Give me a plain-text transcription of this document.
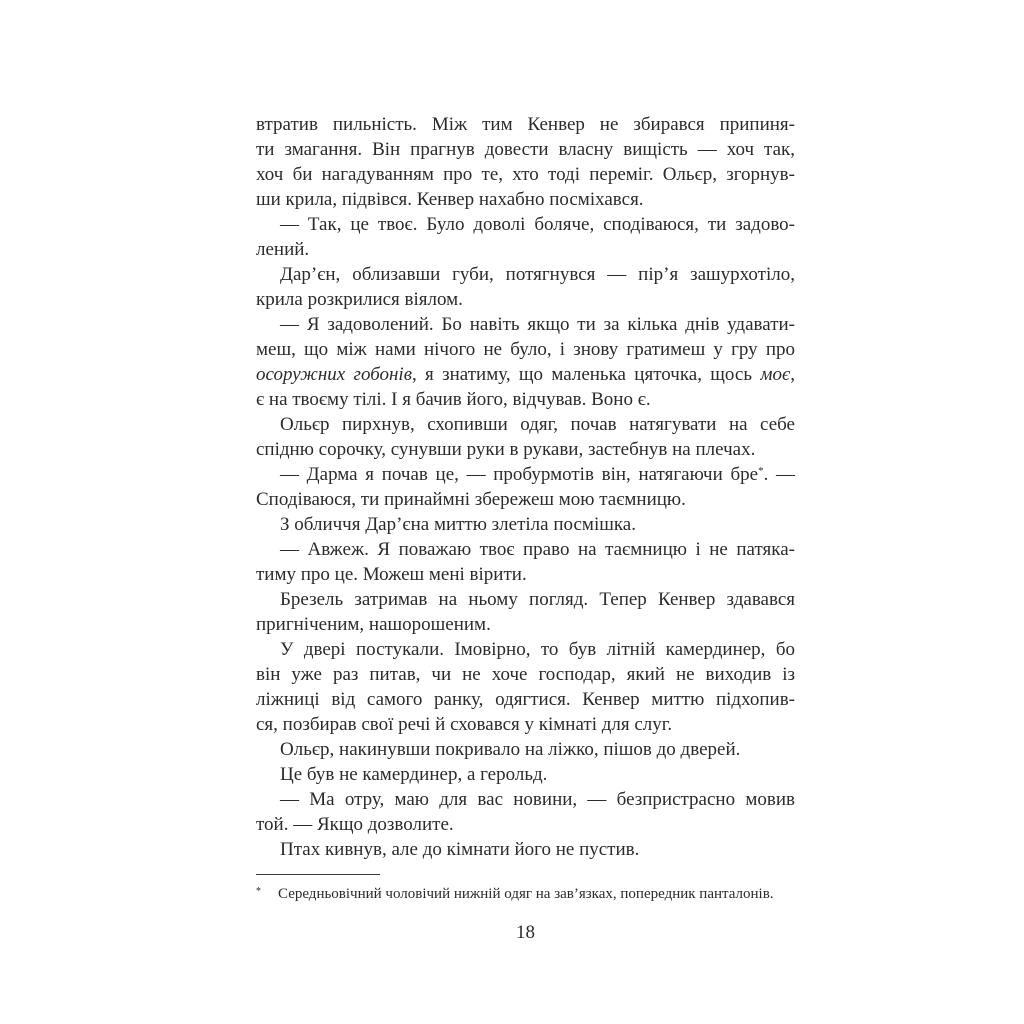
втратив пильність. Між тим Кенвер не збирався припиня-
ти змагання. Він прагнув довести власну вищість — хоч так,
хоч би нагадуванням про те, хто тоді переміг. Ольєр, згорнув-
ши крила, підвівся. Кенвер нахабно посміхався.
— Так, це твоє. Було доволі боляче, сподіваюся, ти задово-
лений.
Дар’єн, облизавши губи, потягнувся — пір’я зашурхотіло,
крила розкрилися віялом.
— Я задоволений. Бо навіть якщо ти за кілька днів удавати-
меш, що між нами нічого не було, і знову гратимеш у гру про
осоружних гобонів, я знатиму, що маленька цяточка, щось моє,
є на твоєму тілі. І я бачив його, відчував. Воно є.
Ольєр пирхнув, схопивши одяг, почав натягувати на себе
спідню сорочку, сунувши руки в рукави, застебнув на плечах.
— Дарма я почав це, — пробурмотів він, натягаючи бре*. —
Сподіваюся, ти принаймні збережеш мою таємницю.
З обличчя Дар’єна миттю злетіла посмішка.
— Авжеж. Я поважаю твоє право на таємницю і не патяка-
тиму про це. Можеш мені вірити.
Брезель затримав на ньому погляд. Тепер Кенвер здавався
пригніченим, нашорошеним.
У двері постукали. Імовірно, то був літній камердинер, бо
він уже раз питав, чи не хоче господар, який не виходив із
ліжниці від самого ранку, одягтися. Кенвер миттю підхопив-
ся, позбирав свої речі й сховався у кімнаті для слуг.
Ольєр, накинувши покривало на ліжко, пішов до дверей.
Це був не камердинер, а герольд.
— Ма отру, маю для вас новини, — безпристрасно мовив
той. — Якщо дозволите.
Птах кивнув, але до кімнати його не пустив.
*	Середньовічний чоловічий нижній одяг на зав’язках, попередник панталонів.
18
